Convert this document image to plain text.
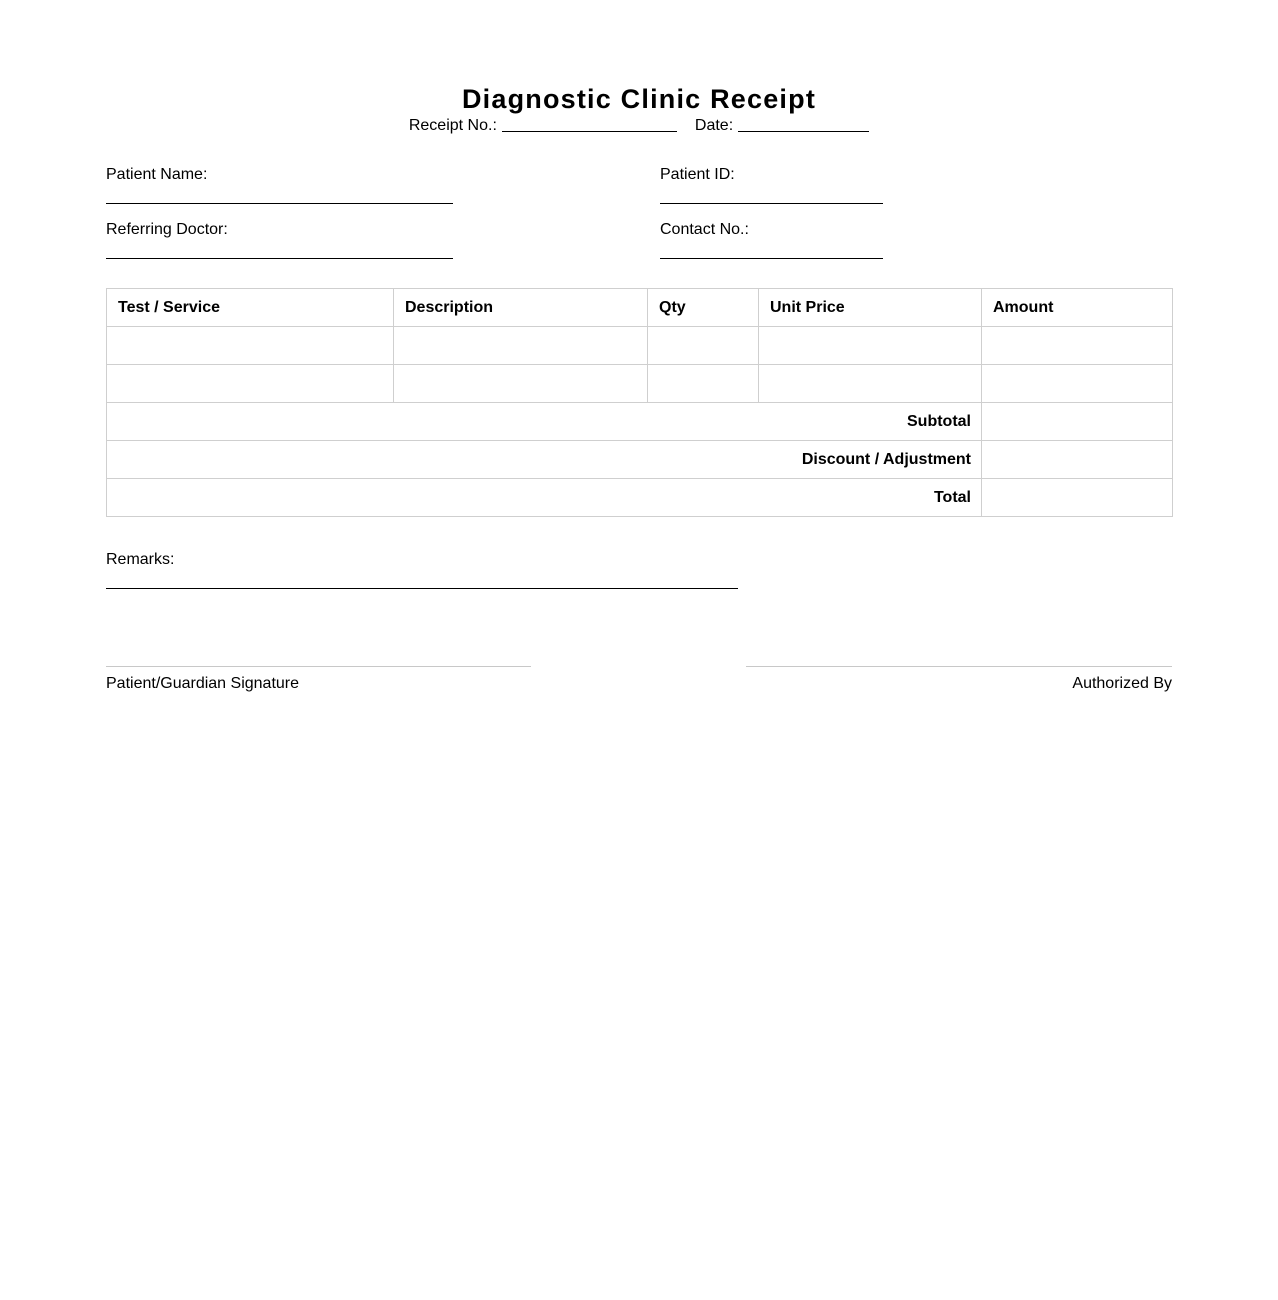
Diagnostic Clinic Receipt
Receipt No.:	Date:
Patient Name:	Patient ID:
Referring Doctor:	Contact No.:
Test / Service	Description	Qty	Unit Price	Amount

Subtotal				
Discount / Adjustment				
Total				
Remarks:
Patient/Guardian Signature	Authorized By
